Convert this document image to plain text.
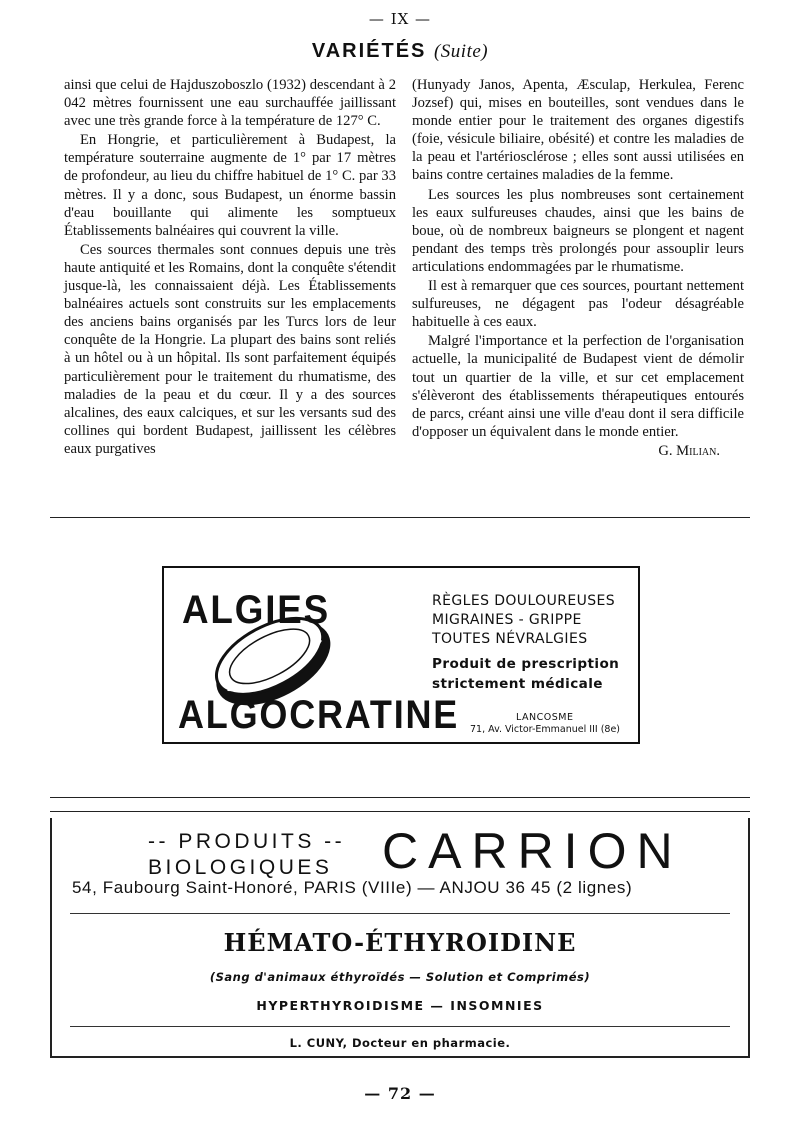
— IX —
VARIÉTÉS (Suite)

ainsi que celui de Hajduszoboszlo (1932) descendant à 2 042 mètres fournissent une eau surchauffée jaillissant avec une très grande force à la température de 127° C.

En Hongrie, et particulièrement à Budapest, la température souterraine augmente de 1° par 17 mètres de profondeur, au lieu du chiffre habituel de 1° C. par 33 mètres. Il y a donc, sous Budapest, un énorme bassin d'eau bouillante qui alimente les somptueux Établissements balnéaires qui couvrent la ville.

Ces sources thermales sont connues depuis une très haute antiquité et les Romains, dont la conquête s'étendit jusque-là, les connaissaient déjà. Les Établissements balnéaires actuels sont construits sur les emplacements des anciens bains organisés par les Turcs lors de leur conquête de la Hongrie. La plupart des bains sont reliés à un hôtel ou à un hôpital. Ils sont parfaitement équipés particulièrement pour le traitement du rhumatisme, des maladies de la peau et du cœur. Il y a des sources alcalines, des eaux calciques, et sur les versants sud des collines qui bordent Budapest, jaillissent les célèbres eaux purgatives

(Hunyady Janos, Apenta, Æsculap, Herkulea, Ferenc Jozsef) qui, mises en bouteilles, sont vendues dans le monde entier pour le traitement des organes digestifs (foie, vésicule biliaire, obésité) et contre les maladies de la peau et l'artériosclérose ; elles sont aussi utilisées en bains contre certaines maladies de la femme.

Les sources les plus nombreuses sont certainement les eaux sulfureuses chaudes, ainsi que les bains de boue, où de nombreux baigneurs se plongent et nagent pendant des temps très prolongés pour assouplir leurs articulations endommagées par le rhumatisme.

Il est à remarquer que ces sources, pourtant nettement sulfureuses, ne dégagent pas l'odeur désagréable habituelle à ces eaux.

Malgré l'importance et la perfection de l'organisation actuelle, la municipalité de Budapest vient de démolir tout un quartier de la ville, et sur cet emplacement s'élèveront des établissements thérapeutiques entourés de parcs, créant ainsi une ville d'eau dont il sera difficile d'opposer un équivalent dans le monde entier.

G. Milian.
ALGIES
ALGOCRATINE
RÈGLES DOULOUREUSES
MIGRAINES - GRIPPE
TOUTES NÉVRALGIES
Produit de prescription
strictement médicale
LANCOSME
71, Av. Victor-Emmanuel III (8e)
-- PRODUITS --
BIOLOGIQUES CARRION
54, Faubourg Saint-Honoré, PARIS (VIIIe) — ANJOU 36 45 (2 lignes)
HÉMATO-ÉTHYROIDINE
(Sang d'animaux éthyroïdés — Solution et Comprimés)
HYPERTHYROIDISME — INSOMNIES
L. CUNY, Docteur en pharmacie.
— 72 —
